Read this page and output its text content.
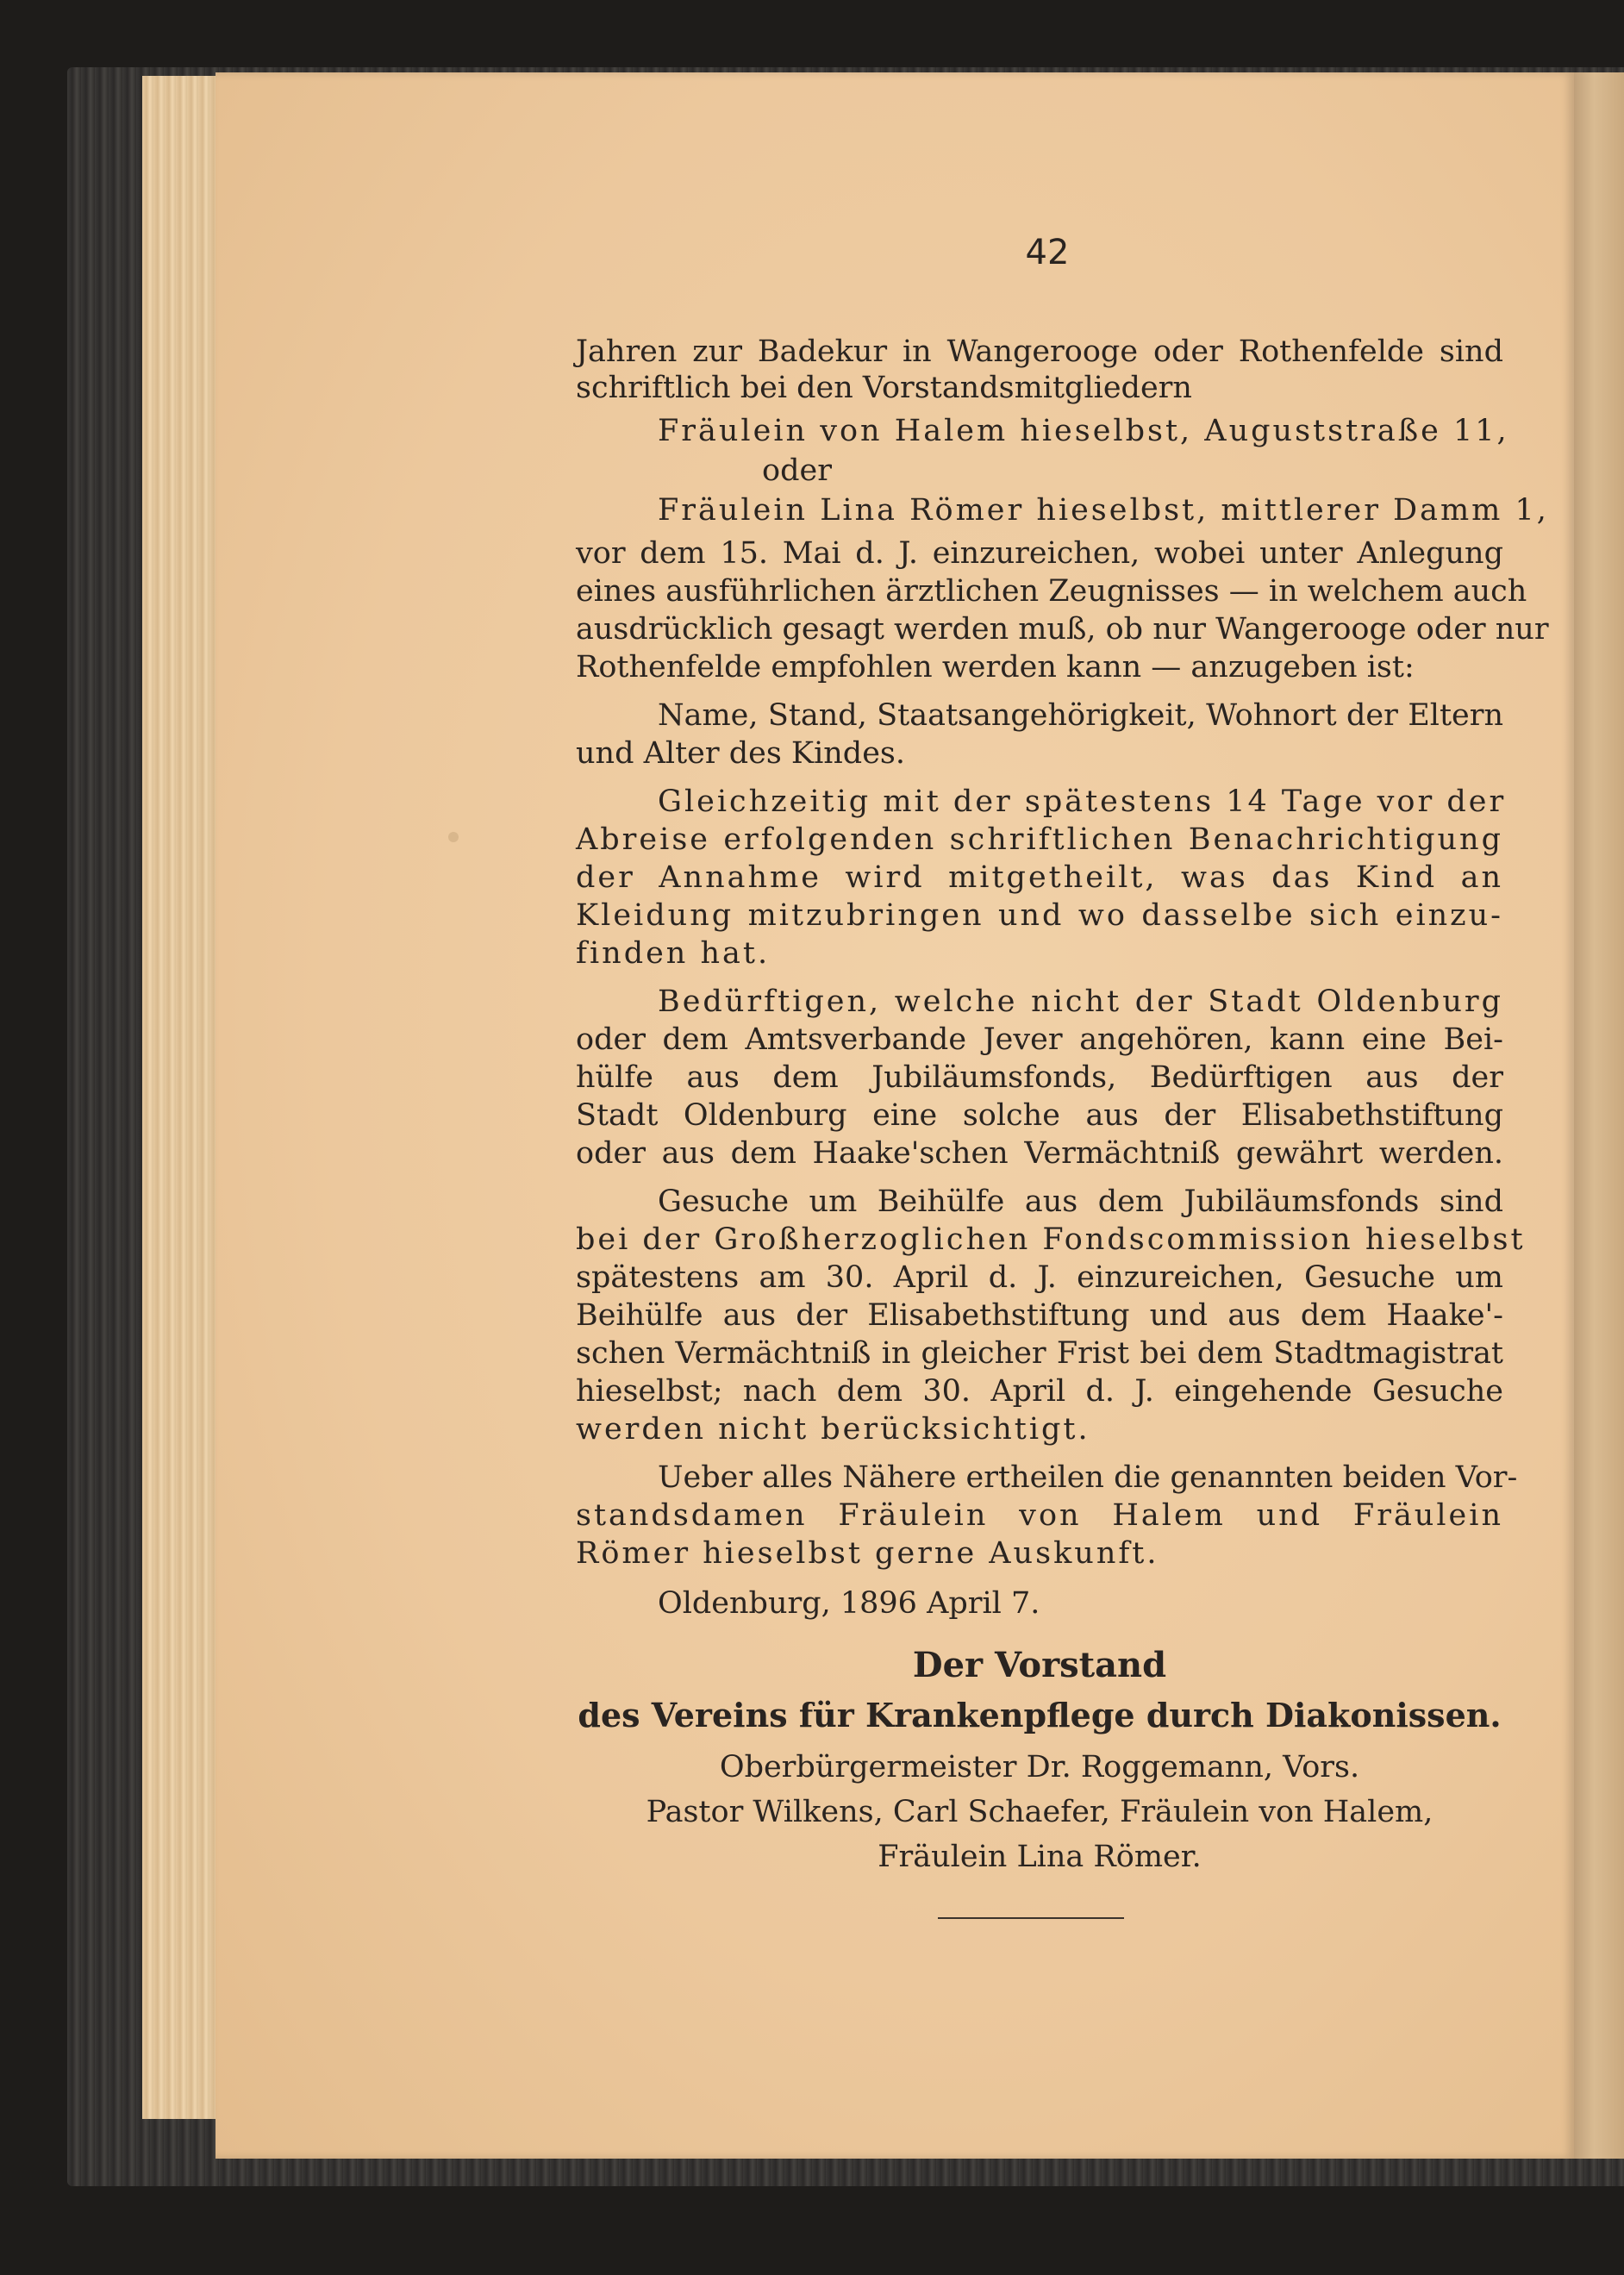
42
Jahren zur Badekur in Wangerooge oder Rothenfelde sind
schriftlich bei den Vorstandsmitgliedern
Fräulein von Halem hieselbst, Auguststraße 11,
oder
Fräulein Lina Römer hieselbst, mittlerer Damm 1,
vor dem 15. Mai d. J. einzureichen, wobei unter Anlegung
eines ausführlichen ärztlichen Zeugnisses — in welchem auch
ausdrücklich gesagt werden muß, ob nur Wangerooge oder nur
Rothenfelde empfohlen werden kann — anzugeben ist:
Name, Stand, Staatsangehörigkeit, Wohnort der Eltern
und Alter des Kindes.
Gleichzeitig mit der spätestens 14 Tage vor der
Abreise erfolgenden schriftlichen Benachrichtigung
der Annahme wird mitgetheilt, was das Kind an
Kleidung mitzubringen und wo dasselbe sich einzu-
finden hat.
Bedürftigen, welche nicht der Stadt Oldenburg
oder dem Amtsverbande Jever angehören, kann eine Bei-
hülfe aus dem Jubiläumsfonds, Bedürftigen aus der
Stadt Oldenburg eine solche aus der Elisabethstiftung
oder aus dem Haake'schen Vermächtniß gewährt werden.
Gesuche um Beihülfe aus dem Jubiläumsfonds sind
bei der Großherzoglichen Fondscommission hieselbst
spätestens am 30. April d. J. einzureichen, Gesuche um
Beihülfe aus der Elisabethstiftung und aus dem Haake'-
schen Vermächtniß in gleicher Frist bei dem Stadtmagistrat
hieselbst; nach dem 30. April d. J. eingehende Gesuche
werden nicht berücksichtigt.
Ueber alles Nähere ertheilen die genannten beiden Vor-
standsdamen Fräulein von Halem und Fräulein
Römer hieselbst gerne Auskunft.
Oldenburg, 1896 April 7.
Der Vorstand
des Vereins für Krankenpflege durch Diakonissen.
Oberbürgermeister Dr. Roggemann, Vors.
Pastor Wilkens, Carl Schaefer, Fräulein von Halem,
Fräulein Lina Römer.
